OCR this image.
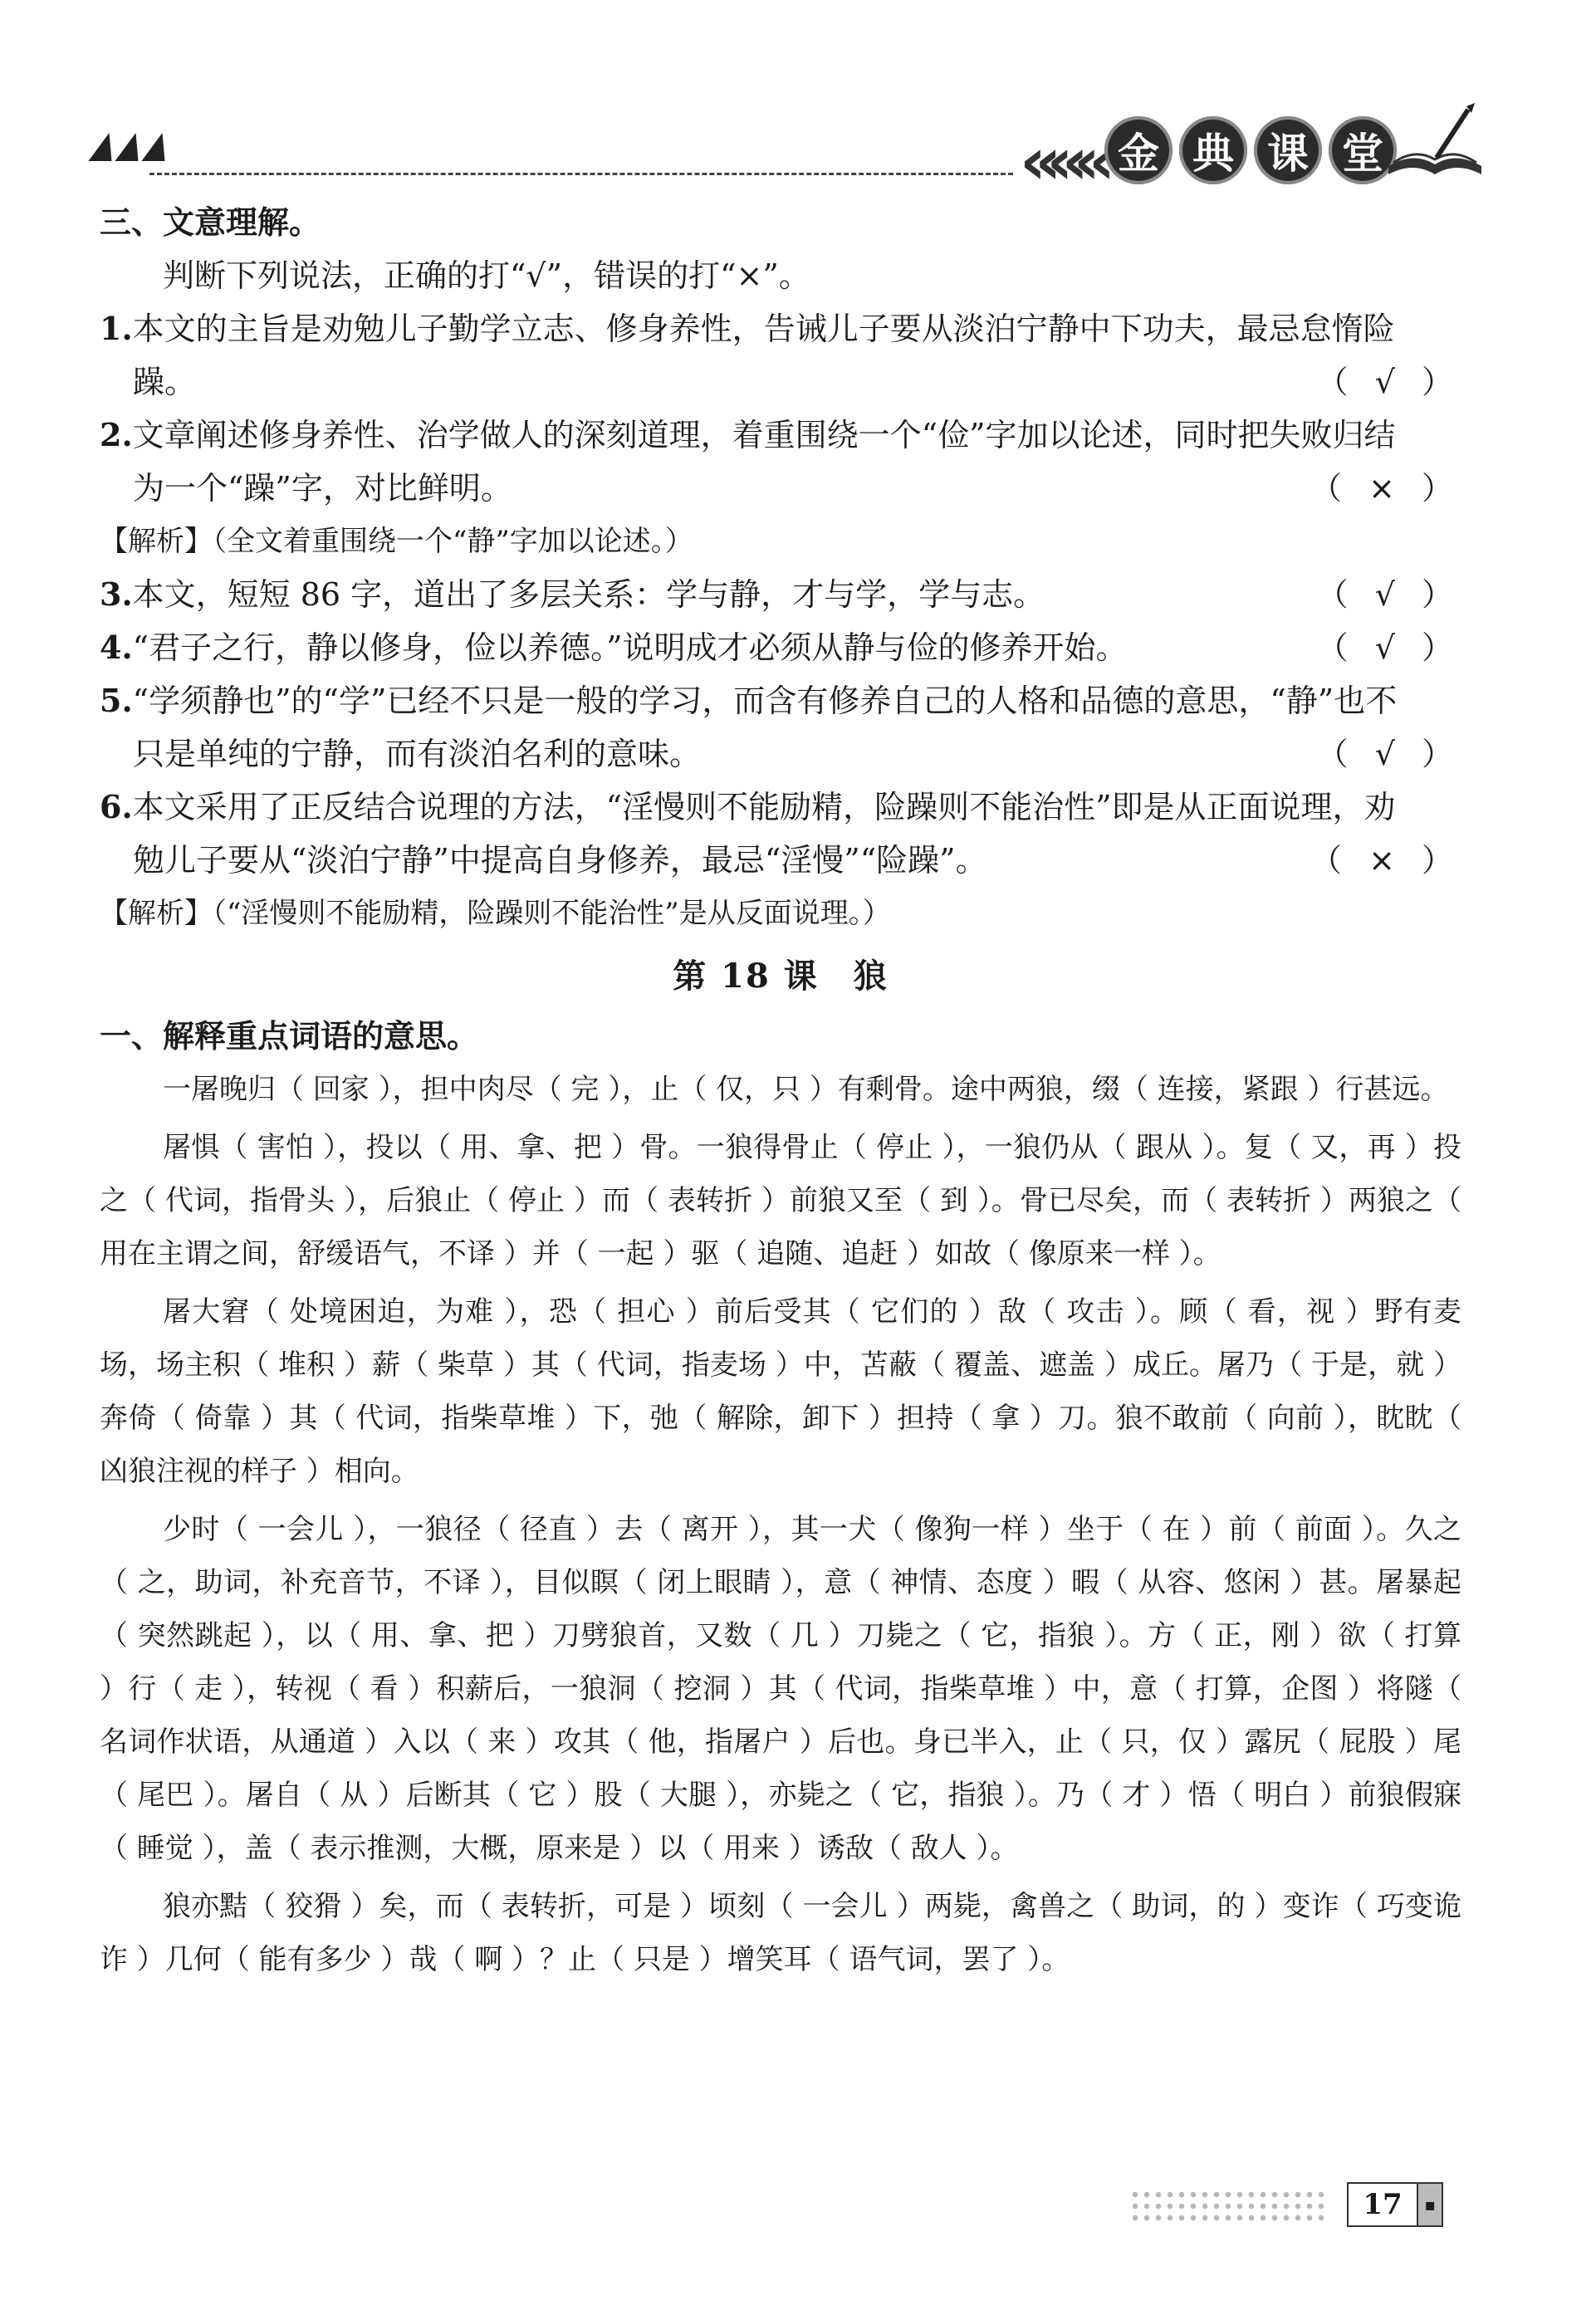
««« 金 典 课 堂
三、文意理解。
判断下列说法，正确的打“√”，错误的打“×”。
1.本文的主旨是劝勉儿子勤学立志、修身养性，告诫儿子要从淡泊宁静中下功夫，最忌怠惰险
躁。	（ √ ）
2.文章阐述修身养性、治学做人的深刻道理，着重围绕一个“俭”字加以论述，同时把失败归结
为一个“躁”字，对比鲜明。	（ × ）
【解析】（全文着重围绕一个“静”字加以论述。）
3.本文，短短 86 字，道出了多层关系：学与静，才与学，学与志。	（ √ ）
4.“君子之行，静以修身，俭以养德。”说明成才必须从静与俭的修养开始。	（ √ ）
5.“学须静也”的“学”已经不只是一般的学习，而含有修养自己的人格和品德的意思，“静”也不
只是单纯的宁静，而有淡泊名利的意味。	（ √ ）
6.本文采用了正反结合说理的方法，“淫慢则不能励精，险躁则不能治性”即是从正面说理，劝
勉儿子要从“淡泊宁静”中提高自身修养，最忌“淫慢”“险躁”。	（ × ）
【解析】（“淫慢则不能励精，险躁则不能治性”是从反面说理。）
第 18 课　狼
一、解释重点词语的意思。

一屠晚归（ 回家 ），担中肉尽（ 完 ），止（ 仅，只 ）有剩骨。途中两狼，缀（ 连接，紧跟 ）行甚远。

屠惧（ 害怕 ），投以（ 用、拿、把 ）骨。一狼得骨止（ 停止 ），一狼仍从（ 跟从 ）。复（ 又，再 ）投之（ 代词，指骨头 ），后狼止（ 停止 ）而（ 表转折 ）前狼又至（ 到 ）。骨已尽矣，而（ 表转折 ）两狼之（ 用在主谓之间，舒缓语气，不译 ）并（ 一起 ）驱（ 追随、追赶 ）如故（ 像原来一样 ）。

屠大窘（ 处境困迫，为难 ），恐（ 担心 ）前后受其（ 它们的 ）敌（ 攻击 ）。顾（ 看，视 ）野有麦场，场主积（ 堆积 ）薪（ 柴草 ）其（ 代词，指麦场 ）中，苫蔽（ 覆盖、遮盖 ）成丘。屠乃（ 于是，就 ）奔倚（ 倚靠 ）其（ 代词，指柴草堆 ）下，弛（ 解除，卸下 ）担持（ 拿 ）刀。狼不敢前（ 向前 ），眈眈（ 凶狼注视的样子 ）相向。

少时（ 一会儿 ），一狼径（ 径直 ）去（ 离开 ），其一犬（ 像狗一样 ）坐于（ 在 ）前（ 前面 ）。久之（ 之，助词，补充音节，不译 ），目似瞑（ 闭上眼睛 ），意（ 神情、态度 ）暇（ 从容、悠闲 ）甚。屠暴起（ 突然跳起 ），以（ 用、拿、把 ）刀劈狼首，又数（ 几 ）刀毙之（ 它，指狼 ）。方（ 正，刚 ）欲（ 打算 ）行（ 走 ），转视（ 看 ）积薪后，一狼洞（ 挖洞 ）其（ 代词，指柴草堆 ）中，意（ 打算，企图 ）将隧（ 名词作状语，从通道 ）入以（ 来 ）攻其（ 他，指屠户 ）后也。身已半入，止（ 只，仅 ）露尻（ 屁股 ）尾（ 尾巴 ）。屠自（ 从 ）后断其（ 它 ）股（ 大腿 ），亦毙之（ 它，指狼 ）。乃（ 才 ）悟（ 明白 ）前狼假寐（ 睡觉 ），盖（ 表示推测，大概，原来是 ）以（ 用来 ）诱敌（ 敌人 ）。

狼亦黠（ 狡猾 ）矣，而（ 表转折，可是 ）顷刻（ 一会儿 ）两毙，禽兽之（ 助词，的 ）变诈（ 巧变诡诈 ）几何（ 能有多少 ）哉（ 啊 ）？止（ 只是 ）增笑耳（ 语气词，罢了 ）。

17	▪
